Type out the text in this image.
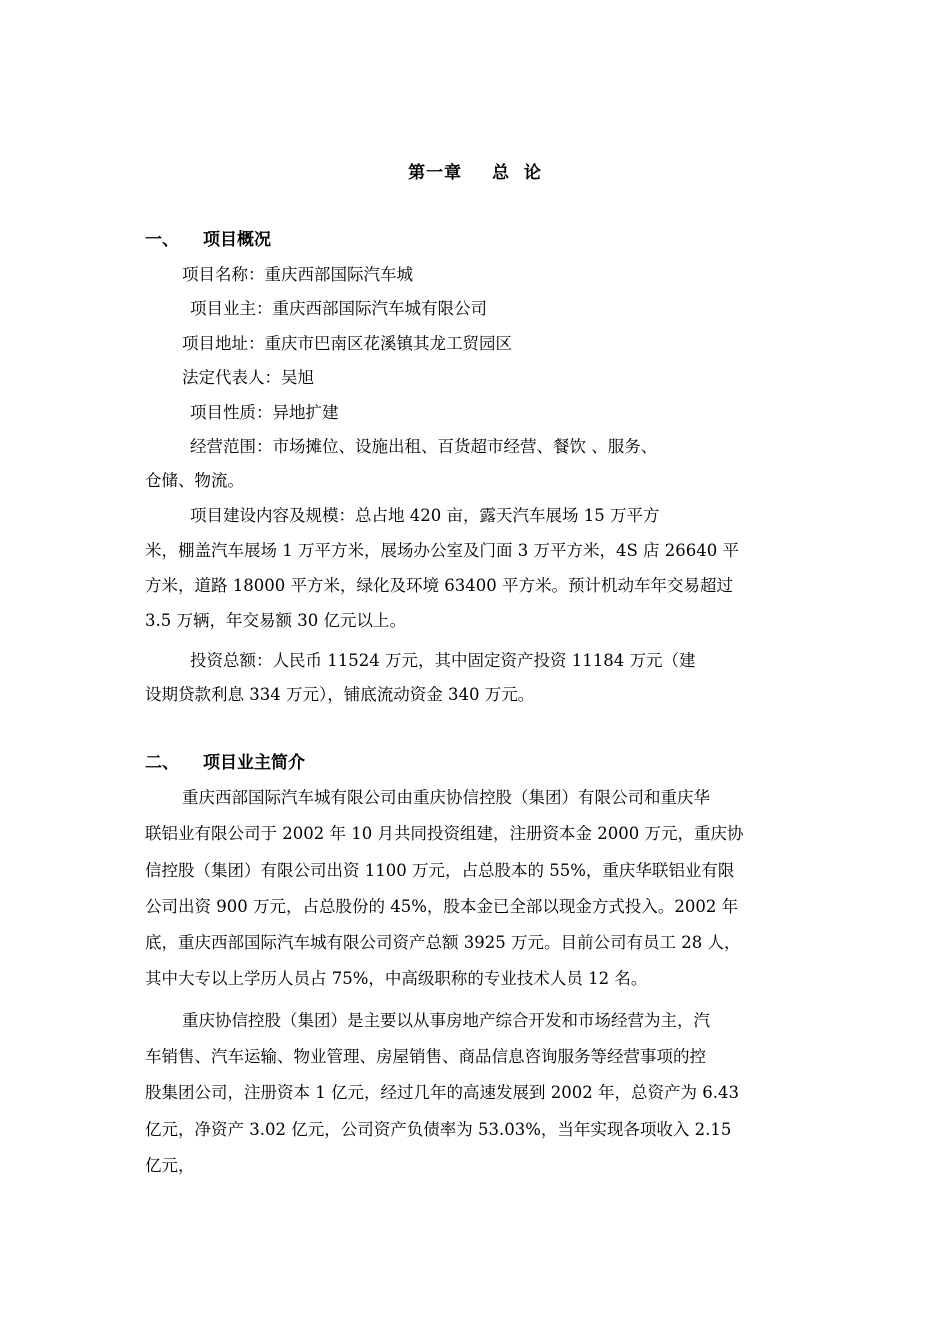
第一章 总  论
一、 项目概况
项目名称：重庆西部国际汽车城
项目业主：重庆西部国际汽车城有限公司
项目地址：重庆市巴南区花溪镇其龙工贸园区
法定代表人：吴旭
项目性质：异地扩建
经营范围：市场摊位、设施出租、百货超市经营、餐饮 、服务、
仓储、物流。
项目建设内容及规模：总占地 420 亩，露天汽车展场 15 万平方
米，棚盖汽车展场 1 万平方米，展场办公室及门面 3 万平方米，4S 店 26640 平
方米，道路 18000 平方米，绿化及环境 63400 平方米。预计机动车年交易超过
3.5 万辆，年交易额 30 亿元以上。
投资总额：人民币 11524 万元，其中固定资产投资 11184 万元（建
设期贷款利息 334 万元），铺底流动资金 340 万元。
二、 项目业主简介
重庆西部国际汽车城有限公司由重庆协信控股（集团）有限公司和重庆华
联铝业有限公司于 2002 年 10 月共同投资组建，注册资本金 2000 万元，重庆协
信控股（集团）有限公司出资 1100 万元，占总股本的 55%，重庆华联铝业有限
公司出资 900 万元，占总股份的 45%，股本金已全部以现金方式投入。2002 年
底，重庆西部国际汽车城有限公司资产总额 3925 万元。目前公司有员工 28 人，
其中大专以上学历人员占 75%，中高级职称的专业技术人员 12 名。
重庆协信控股（集团）是主要以从事房地产综合开发和市场经营为主，汽
车销售、汽车运输、物业管理、房屋销售、商品信息咨询服务等经营事项的控
股集团公司，注册资本 1 亿元，经过几年的高速发展到 2002 年，总资产为 6.43
亿元，净资产 3.02 亿元，公司资产负债率为 53.03%，当年实现各项收入 2.15
亿元，
